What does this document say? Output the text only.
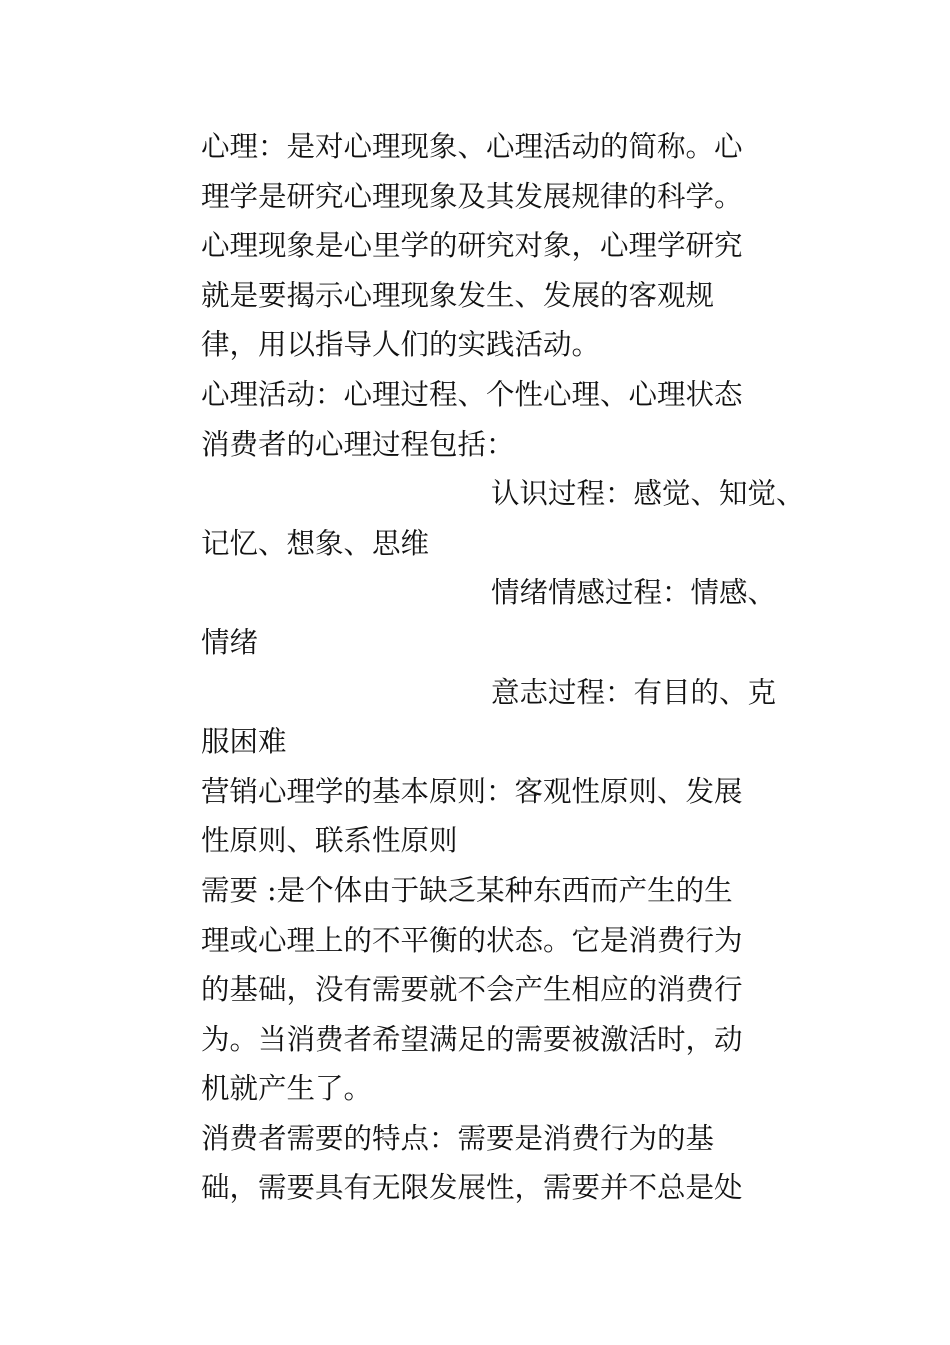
心理：是对心理现象、心理活动的简称。心
理学是研究心理现象及其发展规律的科学。
心理现象是心里学的研究对象，心理学研究
就是要揭示心理现象发生、发展的客观规
律，用以指导人们的实践活动。
心理活动：心理过程、个性心理、心理状态
消费者的心理过程包括：
认识过程：感觉、知觉、
记忆、想象、思维
情绪情感过程：情感、
情绪
意志过程：有目的、克
服困难
营销心理学的基本原则：客观性原则、发展
性原则、联系性原则
需要 :是个体由于缺乏某种东西而产生的生
理或心理上的不平衡的状态。它是消费行为
的基础，没有需要就不会产生相应的消费行
为。当消费者希望满足的需要被激活时，动
机就产生了。
消费者需要的特点：需要是消费行为的基
础，需要具有无限发展性，需要并不总是处
